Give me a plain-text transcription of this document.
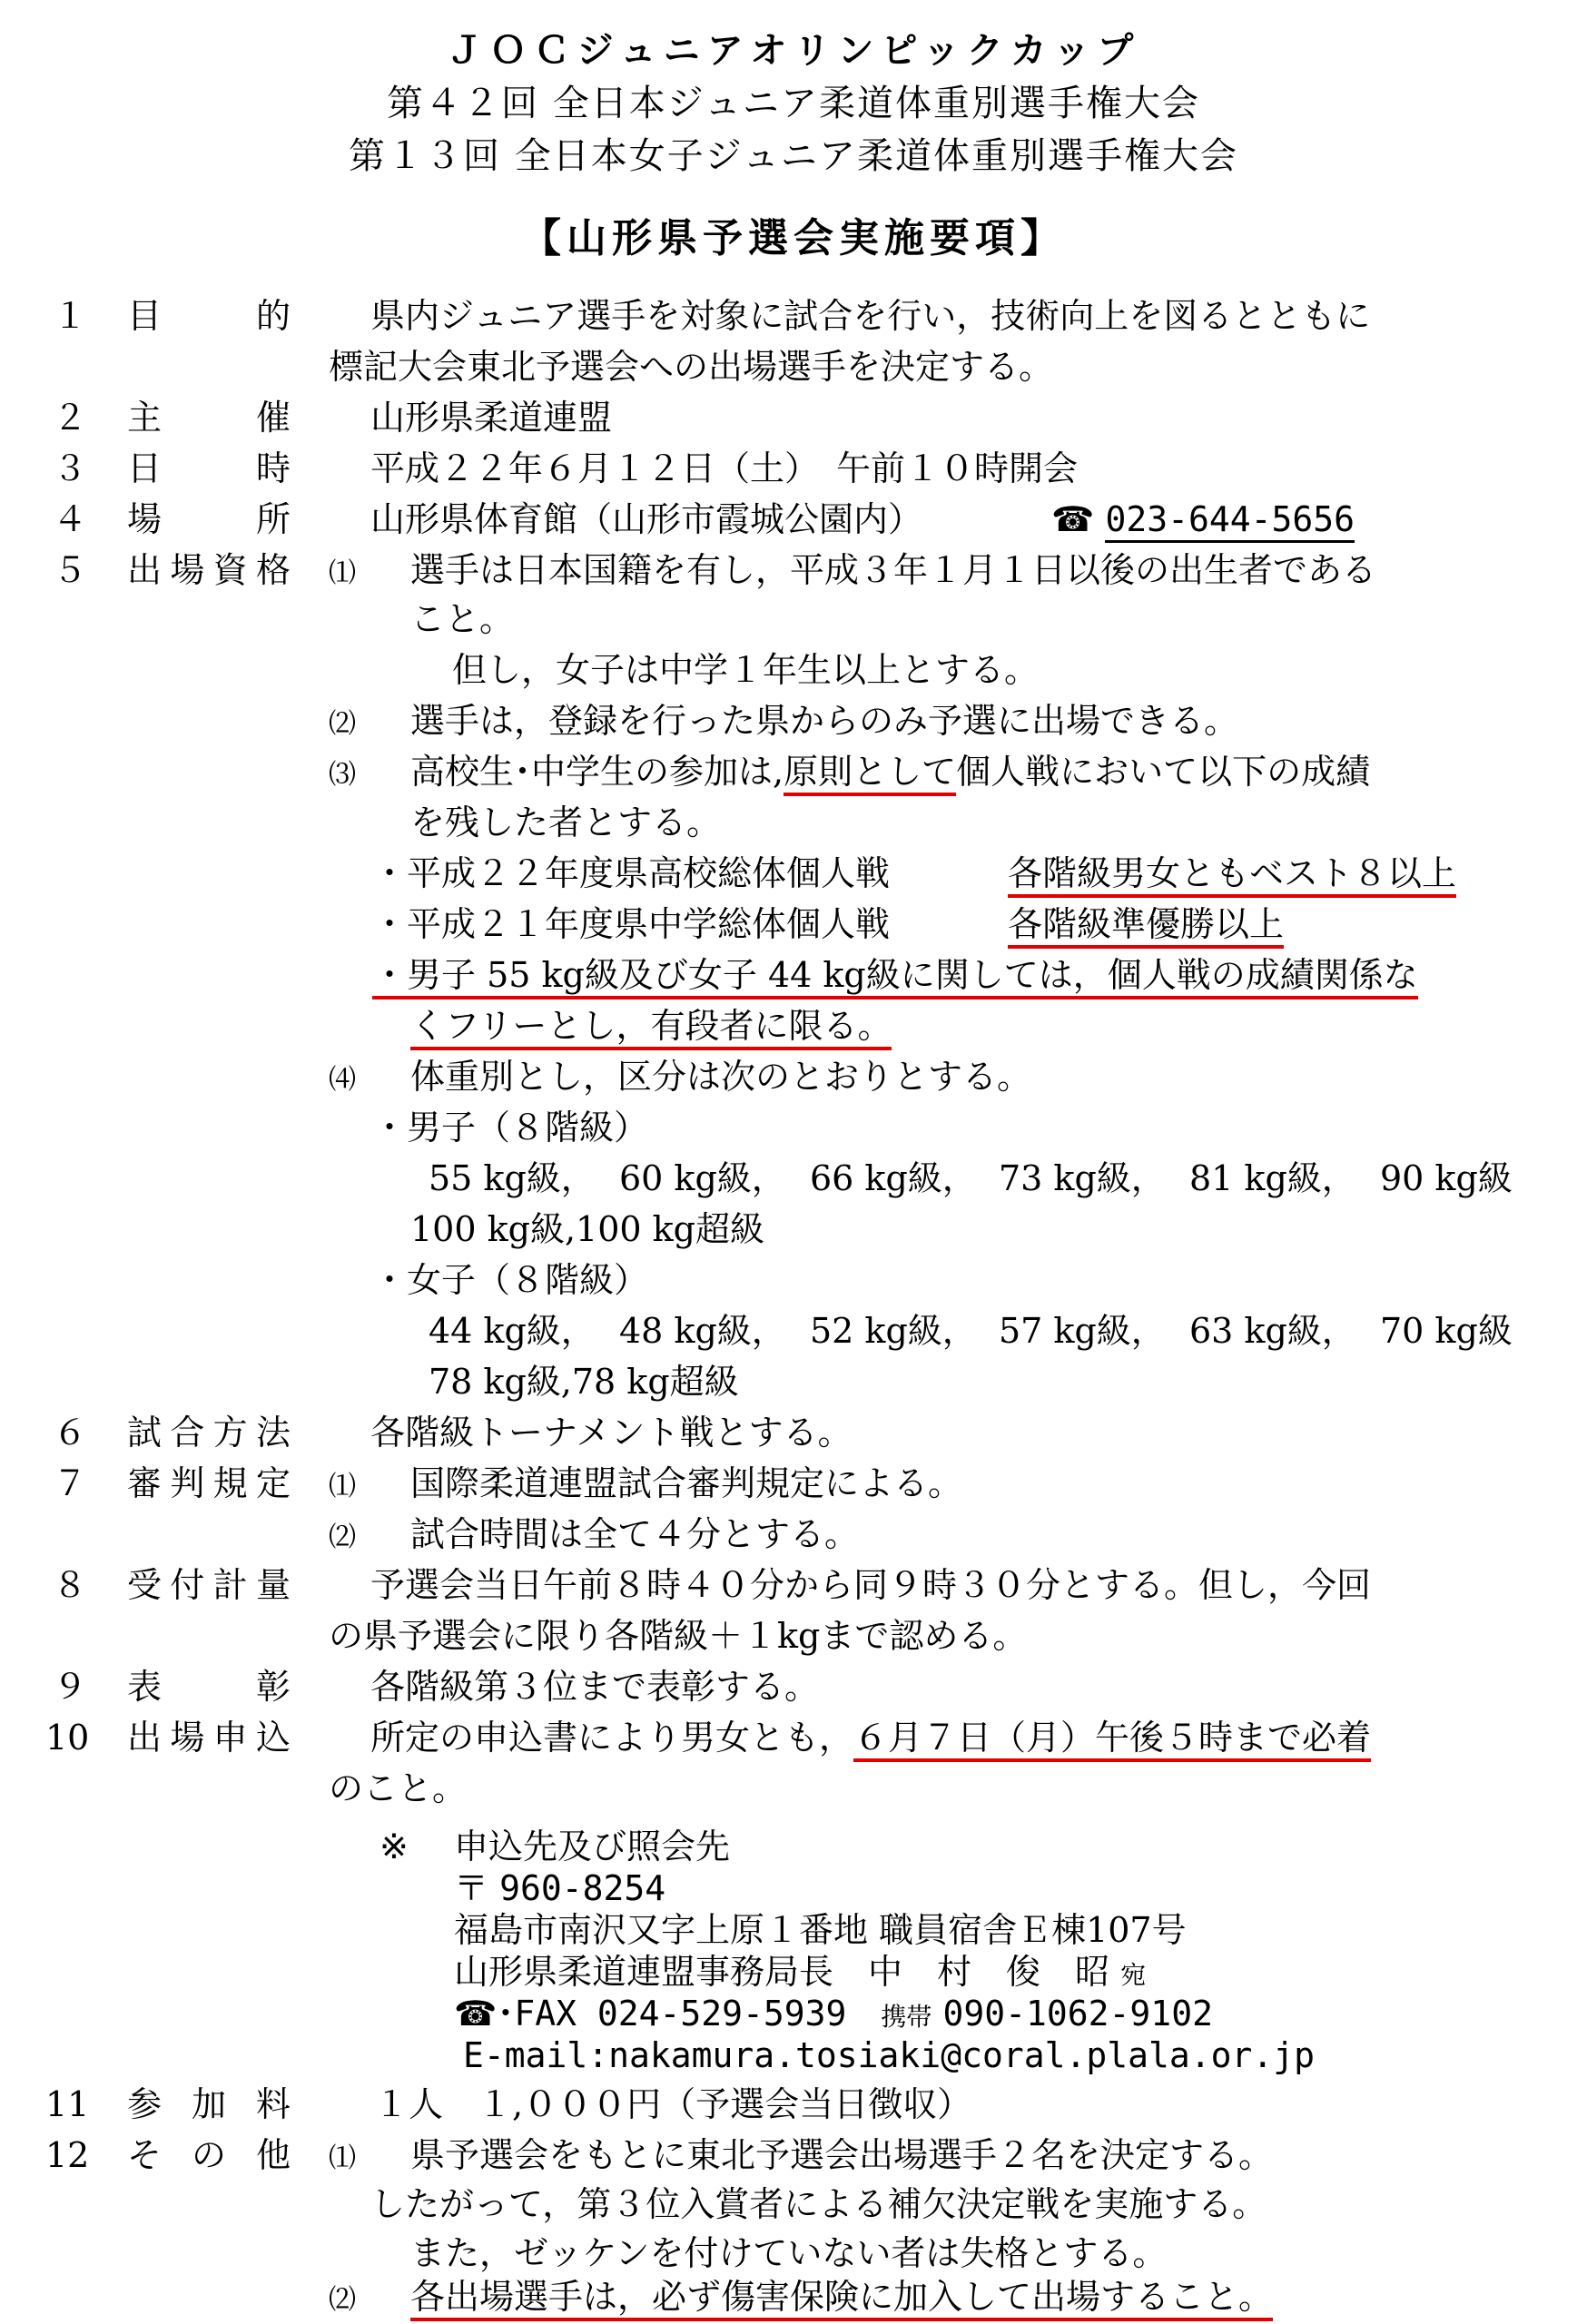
ＪＯＣジュニアオリンピックカップ
第４２回 全日本ジュニア柔道体重別選手権大会
第１３回 全日本女子ジュニア柔道体重別選手権大会
【山形県予選会実施要項】
１ 目的 県内ジュニア選手を対象に試合を行い，技術向上を図るとともに
標記大会東北予選会への出場選手を決定する。
２ 主催 山形県柔道連盟
３ 日時 平成２２年６月１２日（土）　午前１０時開会
４ 場所 山形県体育館（山形市霞城公園内）	☎ 023-644-5656
５ 出場資格 ⑴ 選手は日本国籍を有し，平成３年１月１日以後の出生者である
こと。
但し，女子は中学１年生以上とする。
⑵ 選手は，登録を行った県からのみ予選に出場できる。
⑶ 高校生･中学生の参加は,原則として個人戦において以下の成績
を残した者とする。
・平成２２年度県高校総体個人戦	各階級男女ともベスト８以上
・平成２１年度県中学総体個人戦	各階級準優勝以上
・男子 55 kg級及び女子 44 kg級に関しては，個人戦の成績関係な
くフリーとし，有段者に限る。
⑷ 体重別とし，区分は次のとおりとする。
・男子（８階級）
55 kg級， 60 kg級， 66 kg級， 73 kg級， 81 kg級， 90 kg級
100 kg級,100 kg超級
・女子（８階級）
44 kg級， 48 kg級， 52 kg級， 57 kg級， 63 kg級， 70 kg級
78 kg級,78 kg超級
６ 試合方法 各階級トーナメント戦とする。
７ 審判規定 ⑴ 国際柔道連盟試合審判規定による。
⑵ 試合時間は全て４分とする。
８ 受付計量 予選会当日午前８時４０分から同９時３０分とする。但し，今回
の県予選会に限り各階級＋１kgまで認める。
９ 表彰 各階級第３位まで表彰する。
10 出場申込 所定の申込書により男女とも，６月７日（月）午後５時まで必着
のこと。
※ 申込先及び照会先
〒 960-8254
福島市南沢又字上原１番地 職員宿舎Ｅ棟107号
山形県柔道連盟事務局長　中　村　俊　昭 宛
☎･FAX 024-529-5939　 携帯 090-1062-9102
E-mail:nakamura.tosiaki@coral.plala.or.jp
11 参加料 １人　１,０００円（予選会当日徴収）
12 その他 ⑴ 県予選会をもとに東北予選会出場選手２名を決定する。
したがって，第３位入賞者による補欠決定戦を実施する。
また，ゼッケンを付けていない者は失格とする。
⑵ 各出場選手は，必ず傷害保険に加入して出場すること。
